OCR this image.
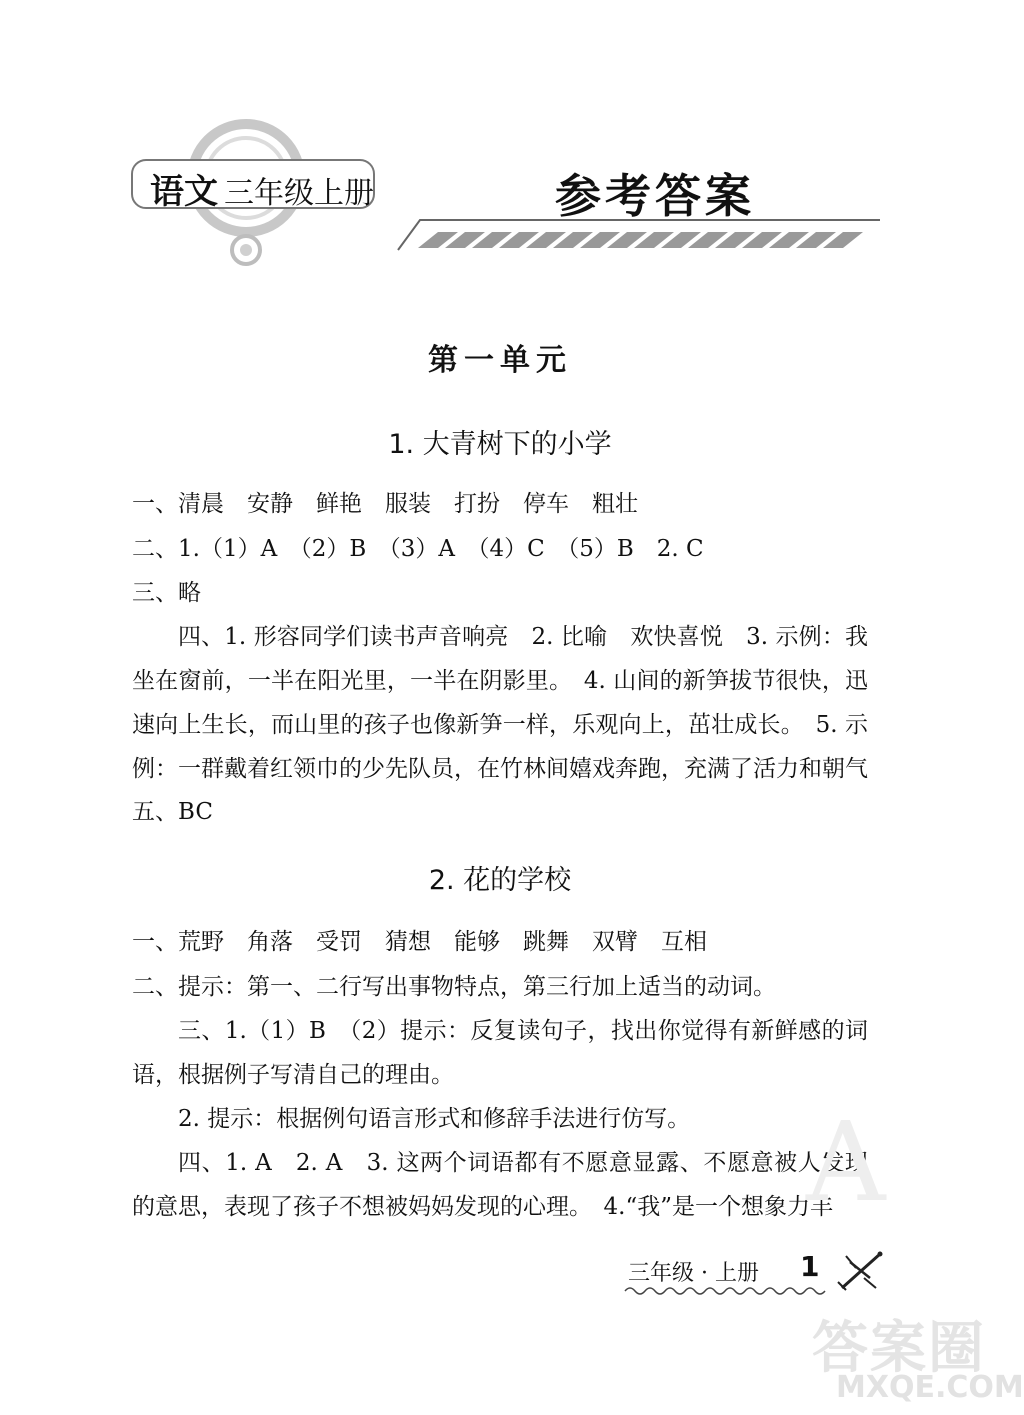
语文 三年级上册	参考答案
第一单元
1. 大青树下的小学
一、清晨　安静　鲜艳　服装　打扮　停车　粗壮
二、1.（1）A　（2）B　（3）A　（4）C　（5）B　2. C
三、略
四、1. 形容同学们读书声音响亮　2. 比喻　欢快喜悦　3. 示例：我坐在窗前，一半在阳光里，一半在阴影里。　4. 山间的新笋拔节很快，迅速向上生长，而山里的孩子也像新笋一样，乐观向上，茁壮成长。　5. 示例：一群戴着红领巾的少先队员，在竹林间嬉戏奔跑，充满了活力和朝气
五、BC
2. 花的学校
一、荒野　角落　受罚　猜想　能够　跳舞　双臂　互相
二、提示：第一、二行写出事物特点，第三行加上适当的动词。
三、1.（1）B　（2）提示：反复读句子，找出你觉得有新鲜感的词语，根据例子写清自己的理由。
2. 提示：根据例句语言形式和修辞手法进行仿写。
四、1. A　2. A　3. 这两个词语都有不愿意显露、不愿意被人发现的意思，表现了孩子不想被妈妈发现的心理。　4.“我”是一个想象力丰
A
答案圈
MXQE.COM
三年级 · 上册 1
